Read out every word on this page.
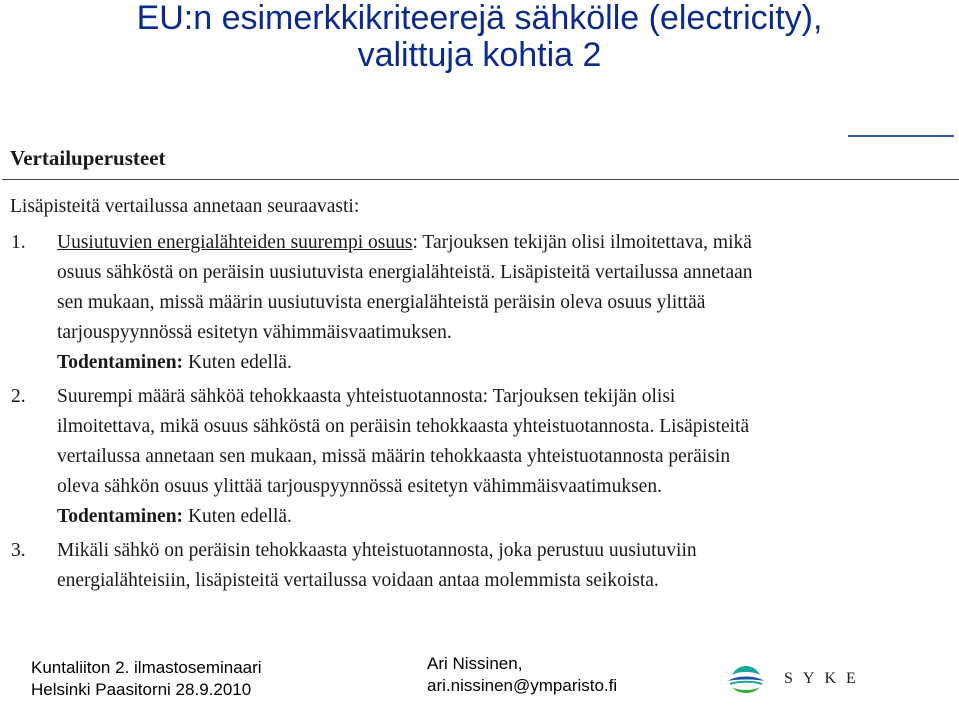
EU:n esimerkkikriteerejä sähkölle (electricity),
valittuja kohtia 2
Vertailuperusteet
Lisäpisteitä vertailussa annetaan seuraavasti:
1. Uusiutuvien energialähteiden suurempi osuus: Tarjouksen tekijän olisi ilmoitettava, mikä
osuus sähköstä on peräisin uusiutuvista energialähteistä. Lisäpisteitä vertailussa annetaan
sen mukaan, missä määrin uusiutuvista energialähteistä peräisin oleva osuus ylittää
tarjouspyynnössä esitetyn vähimmäisvaatimuksen.
Todentaminen: Kuten edellä.
2. Suurempi määrä sähköä tehokkaasta yhteistuotannosta: Tarjouksen tekijän olisi
ilmoitettava, mikä osuus sähköstä on peräisin tehokkaasta yhteistuotannosta. Lisäpisteitä
vertailussa annetaan sen mukaan, missä määrin tehokkaasta yhteistuotannosta peräisin
oleva sähkön osuus ylittää tarjouspyynnössä esitetyn vähimmäisvaatimuksen.
Todentaminen: Kuten edellä.
3. Mikäli sähkö on peräisin tehokkaasta yhteistuotannosta, joka perustuu uusiutuviin
energialähteisiin, lisäpisteitä vertailussa voidaan antaa molemmista seikoista.
Kuntaliiton 2. ilmastoseminaari
Helsinki Paasitorni 28.9.2010
Ari Nissinen,
ari.nissinen@ymparisto.fi	SYKE
